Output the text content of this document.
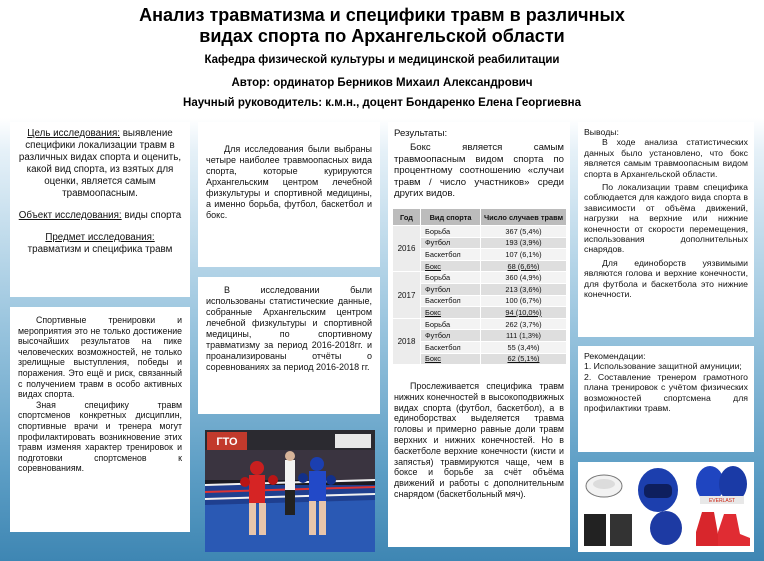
Анализ травматизма и специфики травм в различных
видах спорта по Архангельской области
Кафедра физической культуры и медицинской реабилитации
Автор: ординатор Берников Михаил Александрович
Научный руководитель: к.м.н., доцент Бондаренко Елена Георгиевна

Цель исследования: выявление специфики локализации травм в различных видах спорта и оценить, какой вид спорта, из взятых для оценки, является самым травмоопасным.

Объект исследования: виды спорта

Предмет исследования:

травматизм и специфика травм

Спортивные тренировки и мероприятия это не только достижение высочайших результатов на пике человеческих возможностей, не только зрелищные выступления, победы и поражения. Это ещё и риск, связанный с получением травм в особо активных видах спорта.

Зная специфику травм спортсменов конкретных дисциплин, спортивные врачи и тренера могут профилактировать возникновение этих травм изменяя характер тренировок и подготовки спортсменов к соревнованиям.

Для исследования были выбраны четыре наиболее травмоопасных вида спорта, которые курируются Архангельским центром лечебной физкультуры и спортивной медицины, а именно борьба, футбол, баскетбол и бокс.

В исследовании были использованы статистические данные, собранные Архангельским центром лечебной физкультуры и спортивной медицины, по спортивному травматизму за период 2016-2018гг. и проанализированы отчёты о соревнованиях за период 2016-2018 гг.

ГТО
Результаты:
Бокс является самым травмоопасным видом спорта по процентному соотношению «случаи травм / число участников» среди других видов.
Год	Вид спорта	Число случаев травм
2016	Борьба	367 (5,4%)
	Футбол	193 (3,9%)
	Баскетбол	107 (6,1%)
	Бокс	68 (6,6%)
2017	Борьба	360 (4,9%)
	Футбол	213 (3,6%)
	Баскетбол	100 (6,7%)
	Бокс	94 (10,0%)
2018	Борьба	262 (3,7%)
	Футбол	111 (1,3%)
	Баскетбол	55 (3,4%)
	Бокс	62 (5,1%)
Прослеживается специфика травм нижних конечностей в высокоподвижных видах спорта (футбол, баскетбол), а в единоборствах выделяется травма головы и примерно равные доли травм верхних и нижних конечностей. Но в баскетболе верхние конечности (кисти и запястья) травмируются чаще, чем в боксе и борьбе за счёт объёма движений и работы с дополнительным снарядом (баскетбольный мяч).

Выводы:

В ходе анализа статистических данных было установлено, что бокс является самым травмоопасным видом спорта в Архангельской области.

По локализации травм специфика соблюдается для каждого вида спорта в зависимости от объёма движений, нагрузки на верхние или нижние конечности от скорости перемещения, использования дополнительных снарядов.

Для единоборств уязвимыми являются голова и верхние конечности, для футбола и баскетбола это нижние конечности.

Рекомендации:

1. Использование защитной амуниции;

2. Составление тренером грамотного плана тренировок с учётом физических возможностей спортсмена для профилактики травм.

EVERLAST
